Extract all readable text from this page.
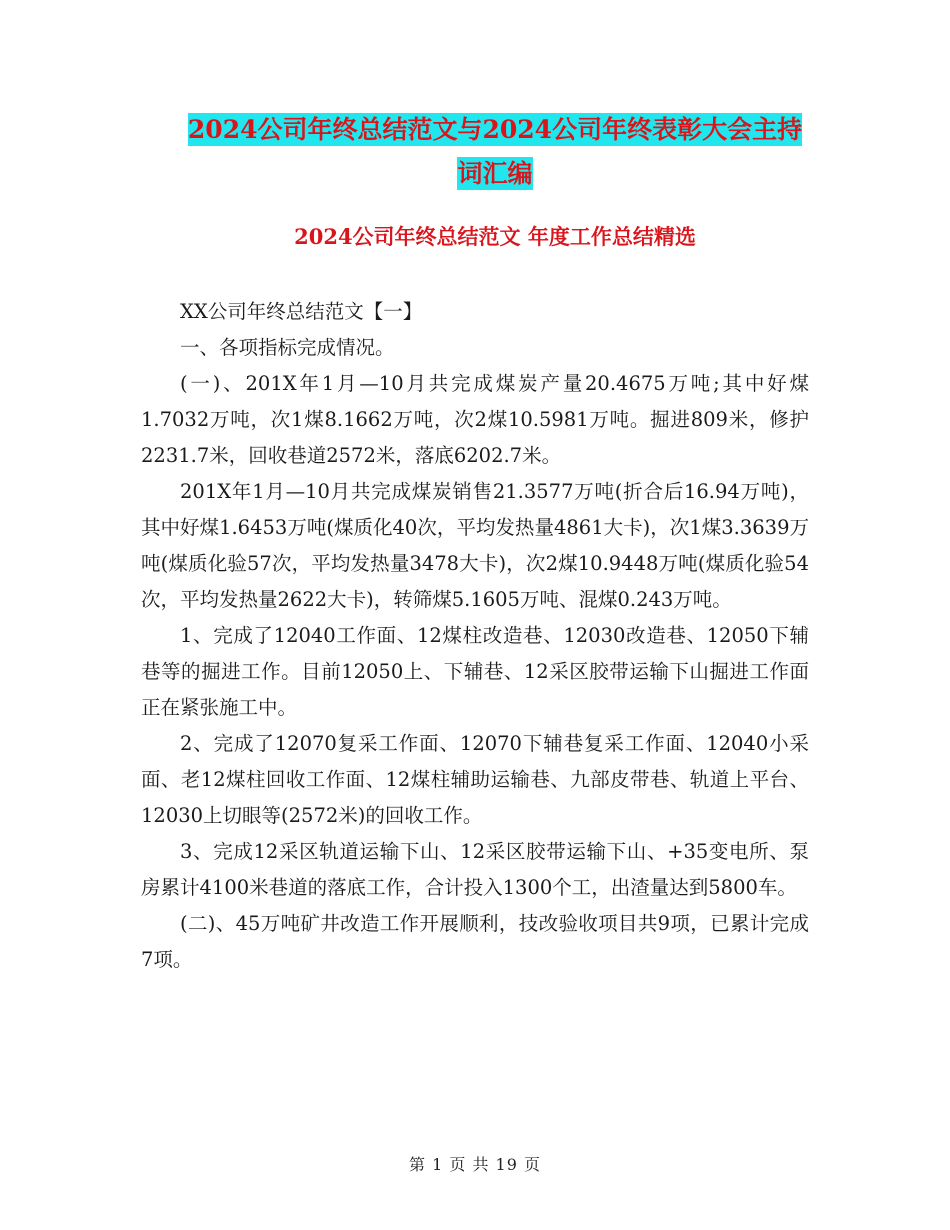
2024公司年终总结范文与2024公司年终表彰大会主持
词汇编
2024公司年终总结范文 年度工作总结精选

XX公司年终总结范文【一】

一、各项指标完成情况。

(一)、201X年1月—10月共完成煤炭产量20.4675万吨;其中好煤1.7032万吨，次1煤8.1662万吨，次2煤10.5981万吨。掘进809米，修护2231.7米，回收巷道2572米，落底6202.7米。

201X年1月—10月共完成煤炭销售21.3577万吨(折合后16.94万吨)，其中好煤1.6453万吨(煤质化40次，平均发热量4861大卡)，次1煤3.3639万吨(煤质化验57次，平均发热量3478大卡)，次2煤10.9448万吨(煤质化验54次，平均发热量2622大卡)，转筛煤5.1605万吨、混煤0.243万吨。

1、完成了12040工作面、12煤柱改造巷、12030改造巷、12050下辅巷等的掘进工作。目前12050上、下辅巷、12采区胶带运输下山掘进工作面正在紧张施工中。

2、完成了12070复采工作面、12070下辅巷复采工作面、12040小采面、老12煤柱回收工作面、12煤柱辅助运输巷、九部皮带巷、轨道上平台、12030上切眼等(2572米)的回收工作。

3、完成12采区轨道运输下山、12采区胶带运输下山、+35变电所、泵房累计4100米巷道的落底工作，合计投入1300个工，出渣量达到5800车。

(二)、45万吨矿井改造工作开展顺利，技改验收项目共9项，已累计完成7项。

第 1 页 共 19 页
